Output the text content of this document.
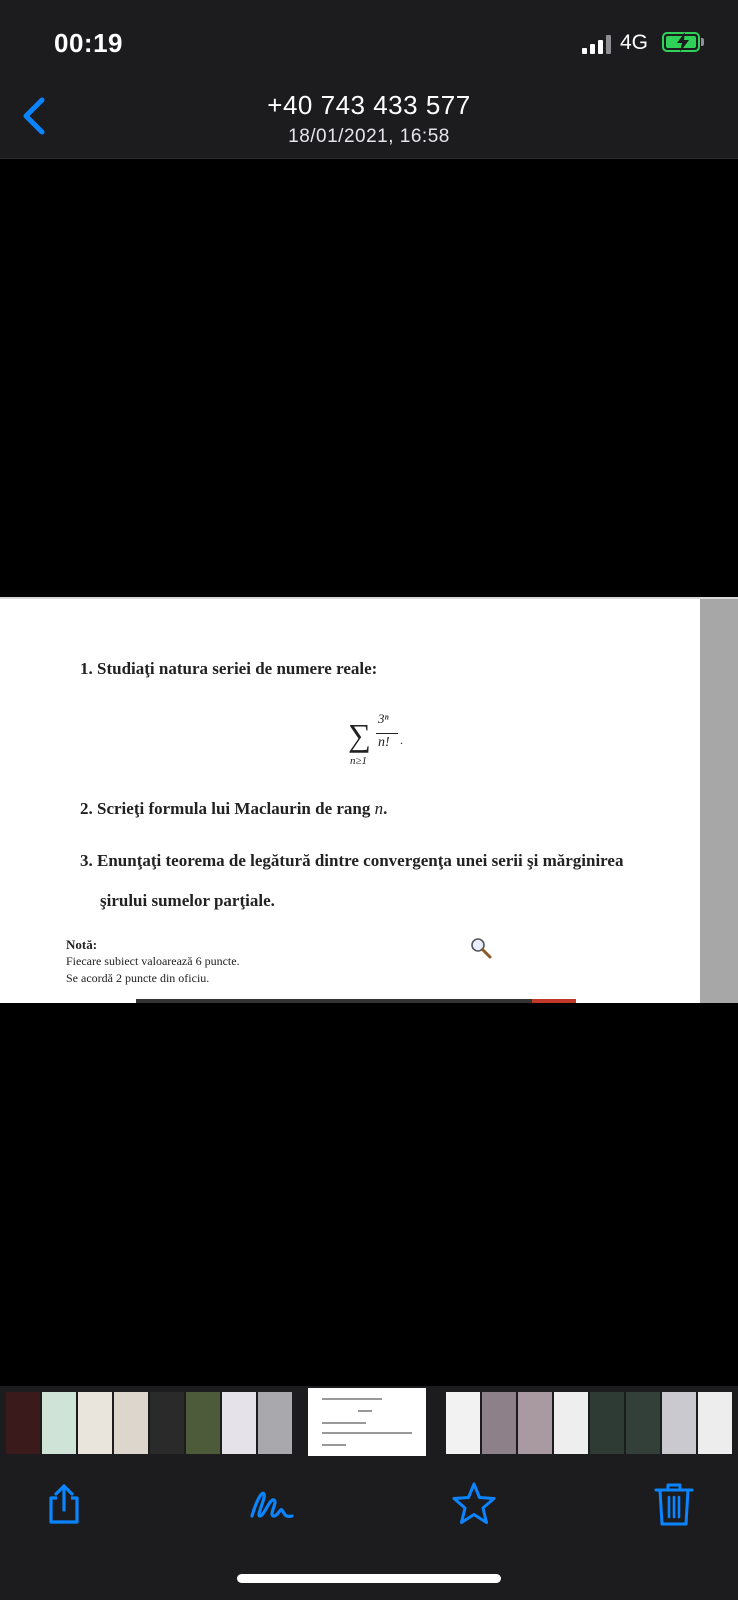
00:19	4G
+40 743 433 577
18/01/2021, 16:58
1. Studiaţi natura seriei de numere reale:
∑
n≥1
3ⁿ
n! .
2. Scrieţi formula lui Maclaurin de rang n.
3. Enunţaţi teorema de legătură dintre convergenţa unei serii şi mărginirea
şirului sumelor parţiale.
Notă:
Fiecare subiect valoarează 6 puncte.
Se acordă 2 puncte din oficiu.
